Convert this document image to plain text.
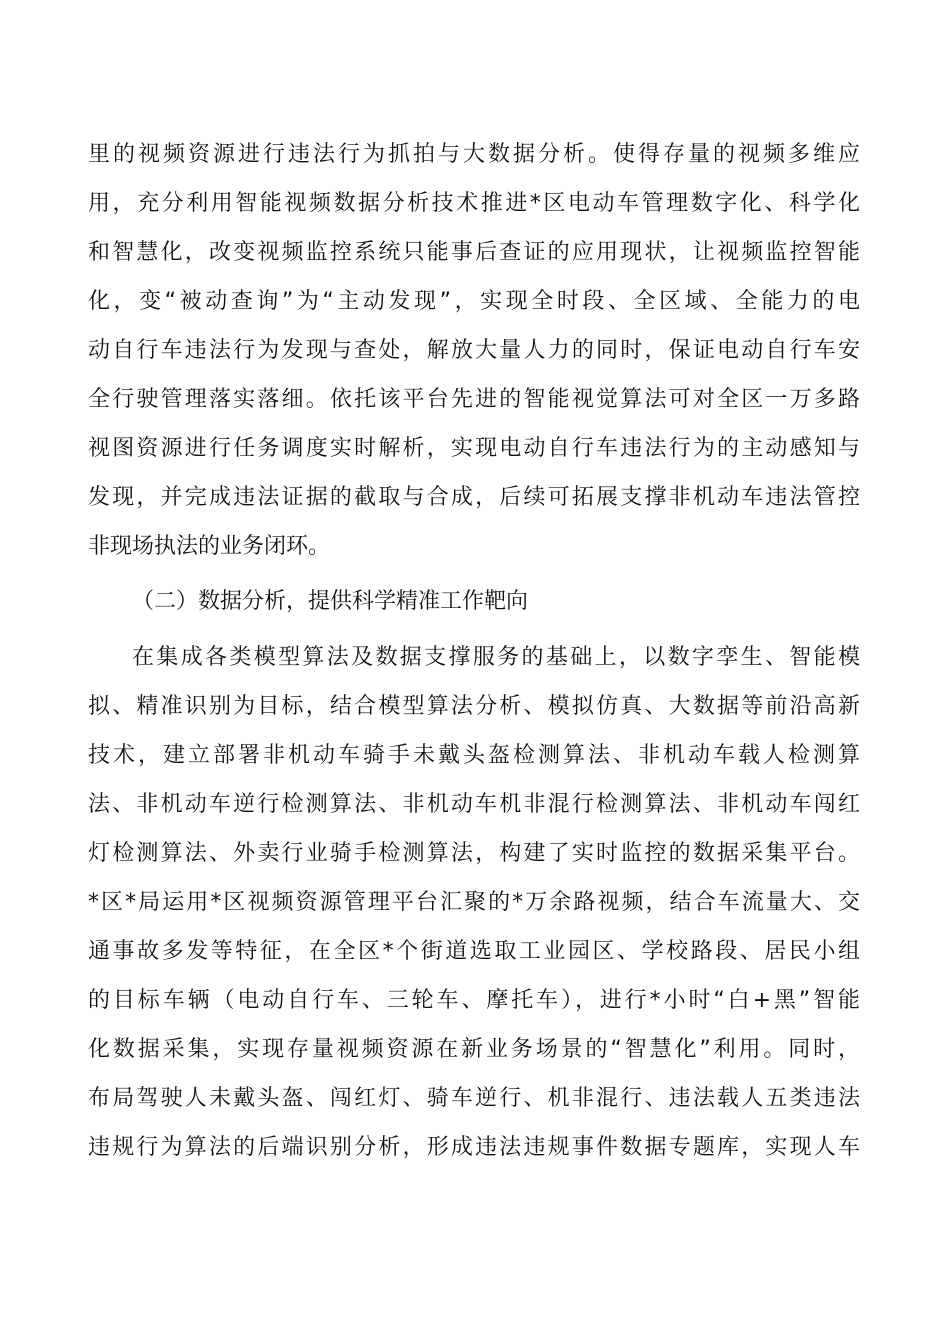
里的视频资源进行违法行为抓拍与大数据分析。使得存量的视频多维应
用，充分利用智能视频数据分析技术推进*区电动车管理数字化、科学化
和智慧化，改变视频监控系统只能事后查证的应用现状，让视频监控智能
化，变“被动查询”为“主动发现”，实现全时段、全区域、全能力的电
动自行车违法行为发现与查处，解放大量人力的同时，保证电动自行车安
全行驶管理落实落细。依托该平台先进的智能视觉算法可对全区一万多路
视图资源进行任务调度实时解析，实现电动自行车违法行为的主动感知与
发现，并完成违法证据的截取与合成，后续可拓展支撑非机动车违法管控
非现场执法的业务闭环。
（二）数据分析，提供科学精准工作靶向
在集成各类模型算法及数据支撑服务的基础上，以数字孪生、智能模
拟、精准识别为目标，结合模型算法分析、模拟仿真、大数据等前沿高新
技术，建立部署非机动车骑手未戴头盔检测算法、非机动车载人检测算
法、非机动车逆行检测算法、非机动车机非混行检测算法、非机动车闯红
灯检测算法、外卖行业骑手检测算法，构建了实时监控的数据采集平台。
*区*局运用*区视频资源管理平台汇聚的*万余路视频，结合车流量大、交
通事故多发等特征，在全区*个街道选取工业园区、学校路段、居民小组
的目标车辆（电动自行车、三轮车、摩托车），进行*小时“白+黑”智能
化数据采集，实现存量视频资源在新业务场景的“智慧化”利用。同时，
布局驾驶人未戴头盔、闯红灯、骑车逆行、机非混行、违法载人五类违法
违规行为算法的后端识别分析，形成违法违规事件数据专题库，实现人车
